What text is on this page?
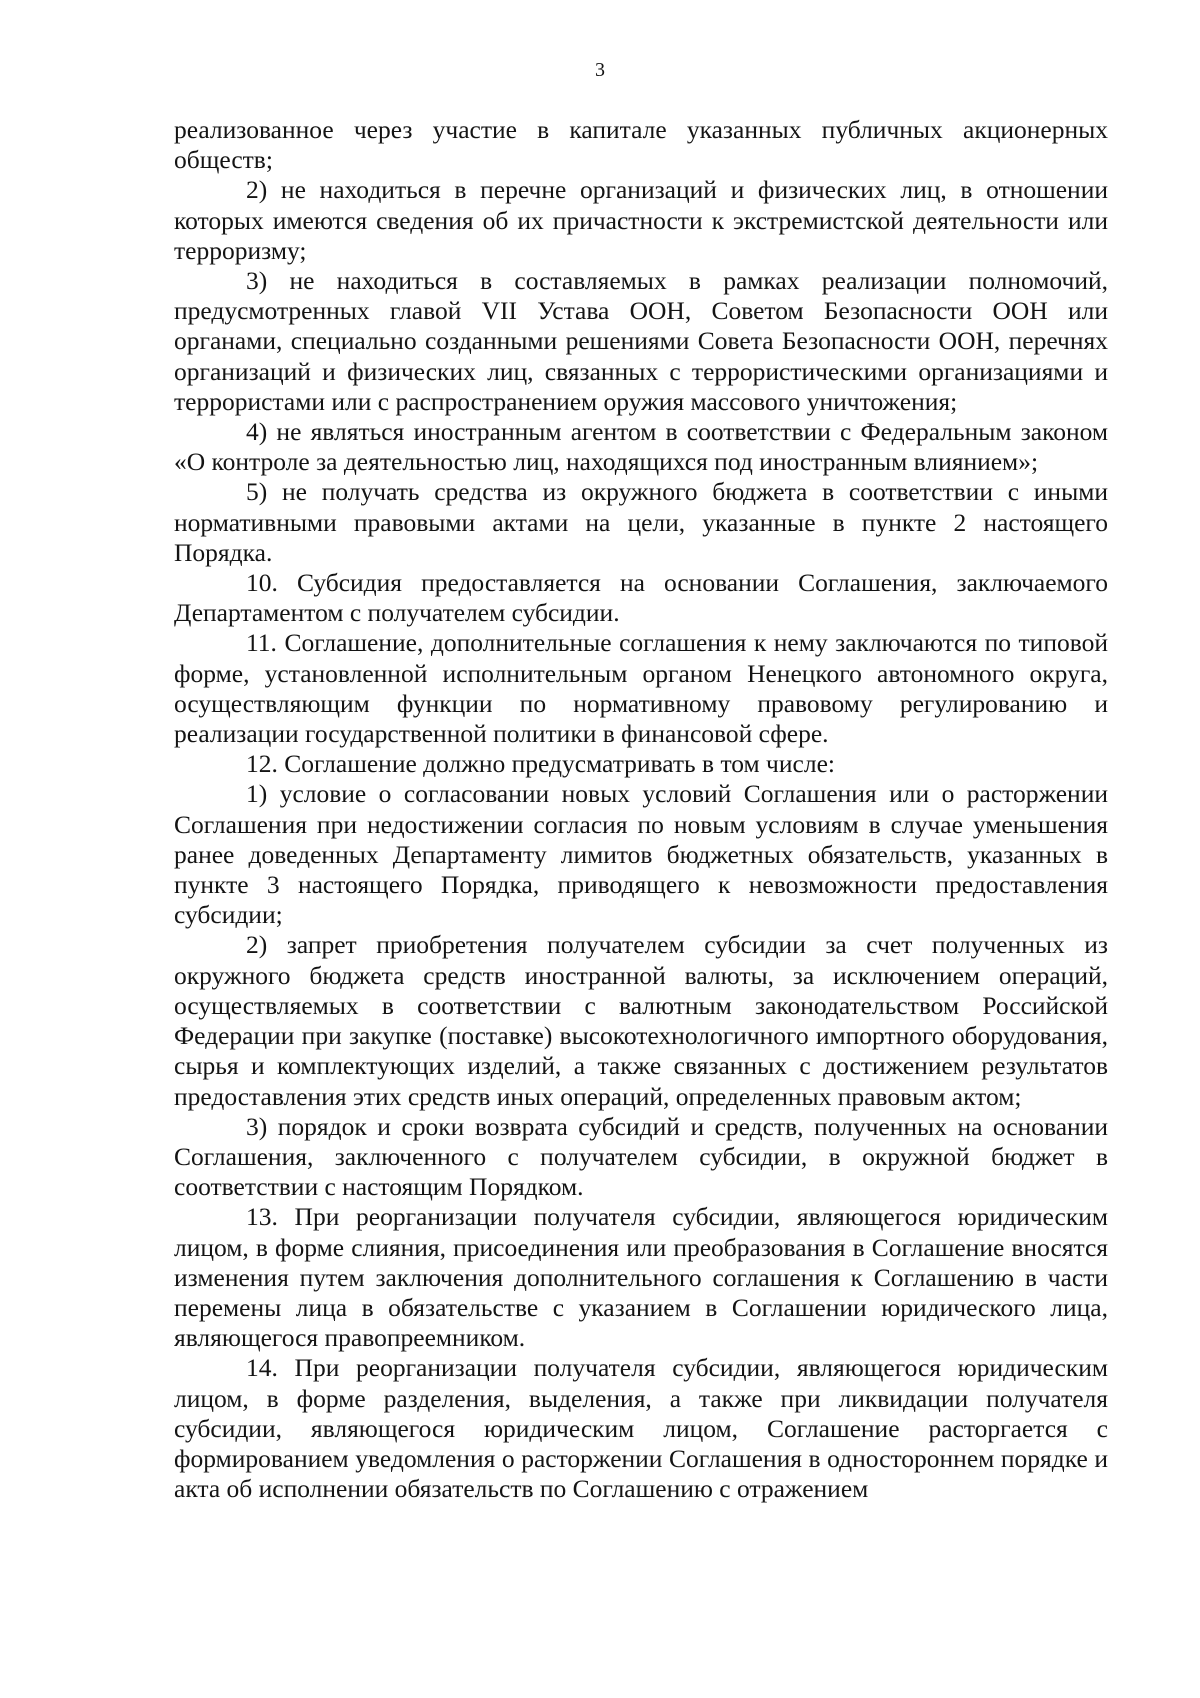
3

реализованное через участие в капитале указанных публичных акционерных обществ;

2) не находиться в перечне организаций и физических лиц, в отношении которых имеются сведения об их причастности к экстремистской деятельности или терроризму;

3) не находиться в составляемых в рамках реализации полномочий, предусмотренных главой VII Устава ООН, Советом Безопасности ООН или органами, специально созданными решениями Совета Безопасности ООН, перечнях организаций и физических лиц, связанных с террористическими организациями и террористами или с распространением оружия массового уничтожения;

4) не являться иностранным агентом в соответствии с Федеральным законом «О контроле за деятельностью лиц, находящихся под иностранным влиянием»;

5) не получать средства из окружного бюджета в соответствии с иными нормативными правовыми актами на цели, указанные в пункте 2 настоящего Порядка.

10. Субсидия предоставляется на основании Соглашения, заключаемого Департаментом с получателем субсидии.

11. Соглашение, дополнительные соглашения к нему заключаются по типовой форме, установленной исполнительным органом Ненецкого автономного округа, осуществляющим функции по нормативному правовому регулированию и реализации государственной политики в финансовой сфере.

12. Соглашение должно предусматривать в том числе:

1) условие о согласовании новых условий Соглашения или о расторжении Соглашения при недостижении согласия по новым условиям в случае уменьшения ранее доведенных Департаменту лимитов бюджетных обязательств, указанных в пункте 3 настоящего Порядка, приводящего к невозможности предоставления субсидии;

2) запрет приобретения получателем субсидии за счет полученных из окружного бюджета средств иностранной валюты, за исключением операций, осуществляемых в соответствии с валютным законодательством Российской Федерации при закупке (поставке) высокотехнологичного импортного оборудования, сырья и комплектующих изделий, а также связанных с достижением результатов предоставления этих средств иных операций, определенных правовым актом;

3) порядок и сроки возврата субсидий и средств, полученных на основании Соглашения, заключенного с получателем субсидии, в окружной бюджет в соответствии с настоящим Порядком.

13. При реорганизации получателя субсидии, являющегося юридическим лицом, в форме слияния, присоединения или преобразования в Соглашение вносятся изменения путем заключения дополнительного соглашения к Соглашению в части перемены лица в обязательстве с указанием в Соглашении юридического лица, являющегося правопреемником.

14. При реорганизации получателя субсидии, являющегося юридическим лицом, в форме разделения, выделения, а также при ликвидации получателя субсидии, являющегося юридическим лицом, Соглашение расторгается с формированием уведомления о расторжении Соглашения в одностороннем порядке и акта об исполнении обязательств по Соглашению с отражением
